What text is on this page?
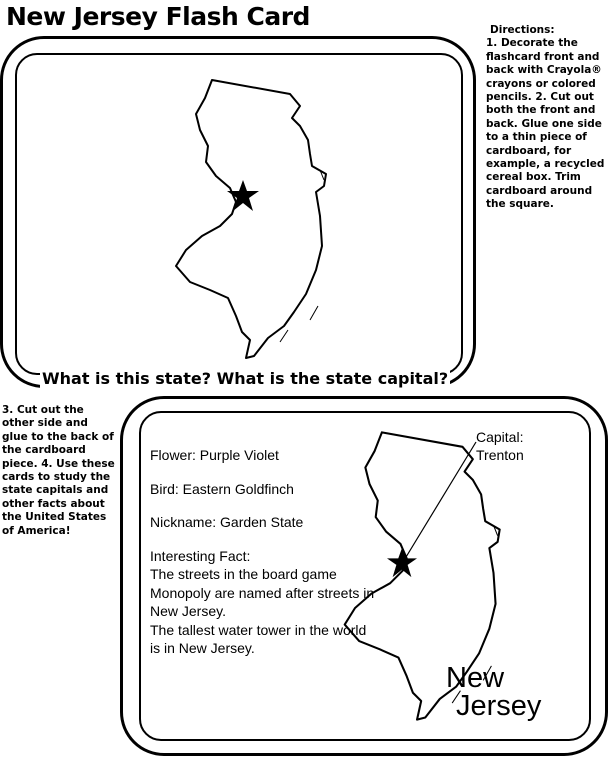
New Jersey Flash Card
What is this state? What is the state capital?
Directions:
1. Decorate the flashcard front and back with Crayola® crayons or colored pencils. 2. Cut out both the front and back. Glue one side to a thin piece of cardboard, for example, a recycled cereal box. Trim cardboard around the square.
3. Cut out the other side and glue to the back of the cardboard piece. 4. Use these cards to study the state capitals and other facts about the United States of America!

Flower: Purple Violet

Bird: Eastern Goldfinch

Nickname: Garden State

Interesting Fact:
The streets in the board game Monopoly are named after streets in New Jersey.
The tallest water tower in the world is in New Jersey.
Capital:
Trenton
New
Jersey
